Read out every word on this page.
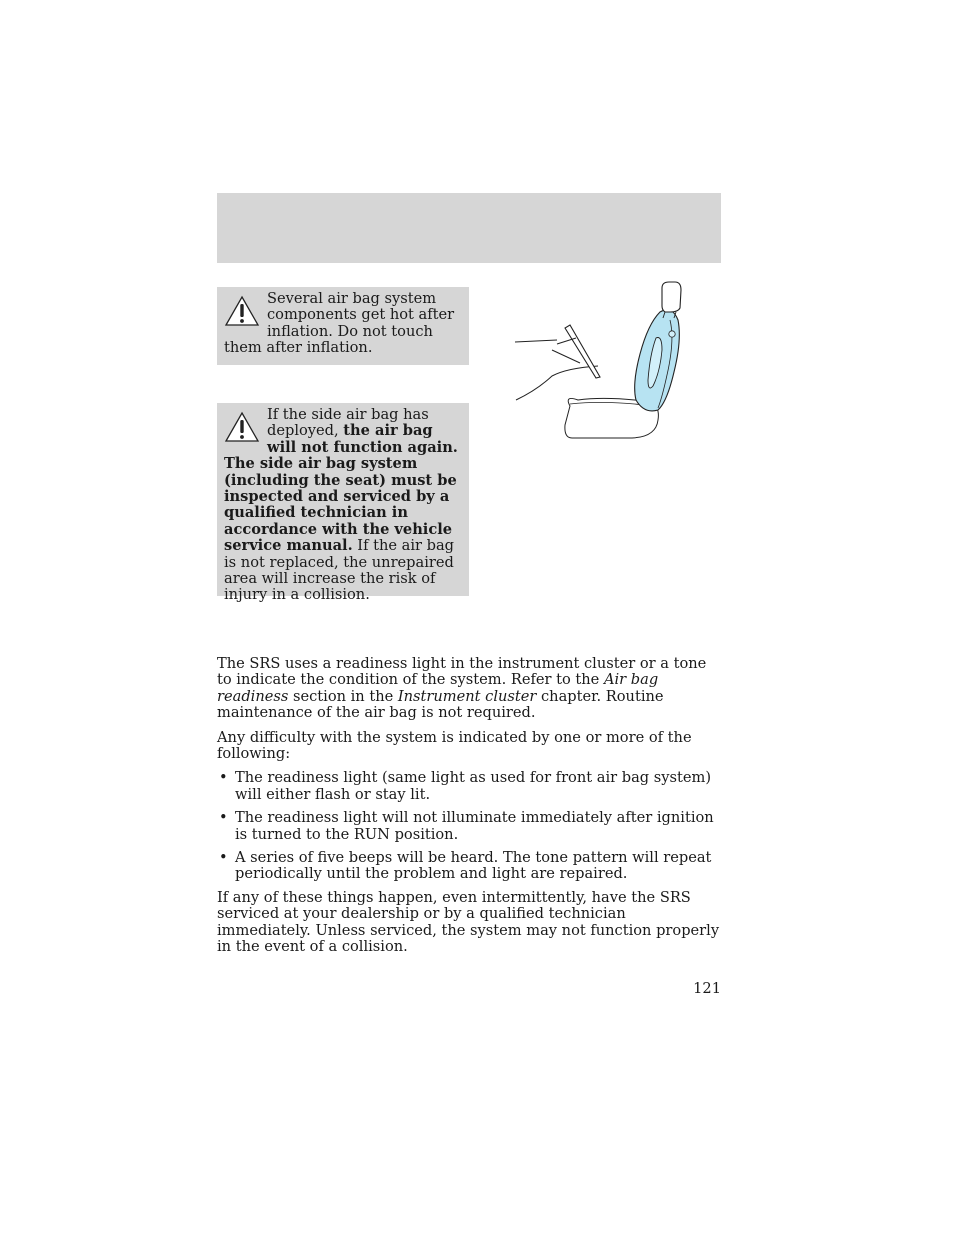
Several air bag system components get hot after inflation. Do not touch them after inflation.

If the side air bag has deployed, the air bag will not function again. The side air bag system (including the seat) must be inspected and serviced by a qualified technician in accordance with the vehicle service manual. If the air bag is not replaced, the unrepaired area will increase the risk of injury in a collision.

The SRS uses a readiness light in the instrument cluster or a tone to indicate the condition of the system. Refer to the Air bag readiness section in the Instrument cluster chapter. Routine maintenance of the air bag is not required.

Any difficulty with the system is indicated by one or more of the following:

• The readiness light (same light as used for front air bag system) will either flash or stay lit.
• The readiness light will not illuminate immediately after ignition is turned to the RUN position.
• A series of five beeps will be heard. The tone pattern will repeat periodically until the problem and light are repaired.

If any of these things happen, even intermittently, have the SRS serviced at your dealership or by a qualified technician immediately. Unless serviced, the system may not function properly in the event of a collision.

121
